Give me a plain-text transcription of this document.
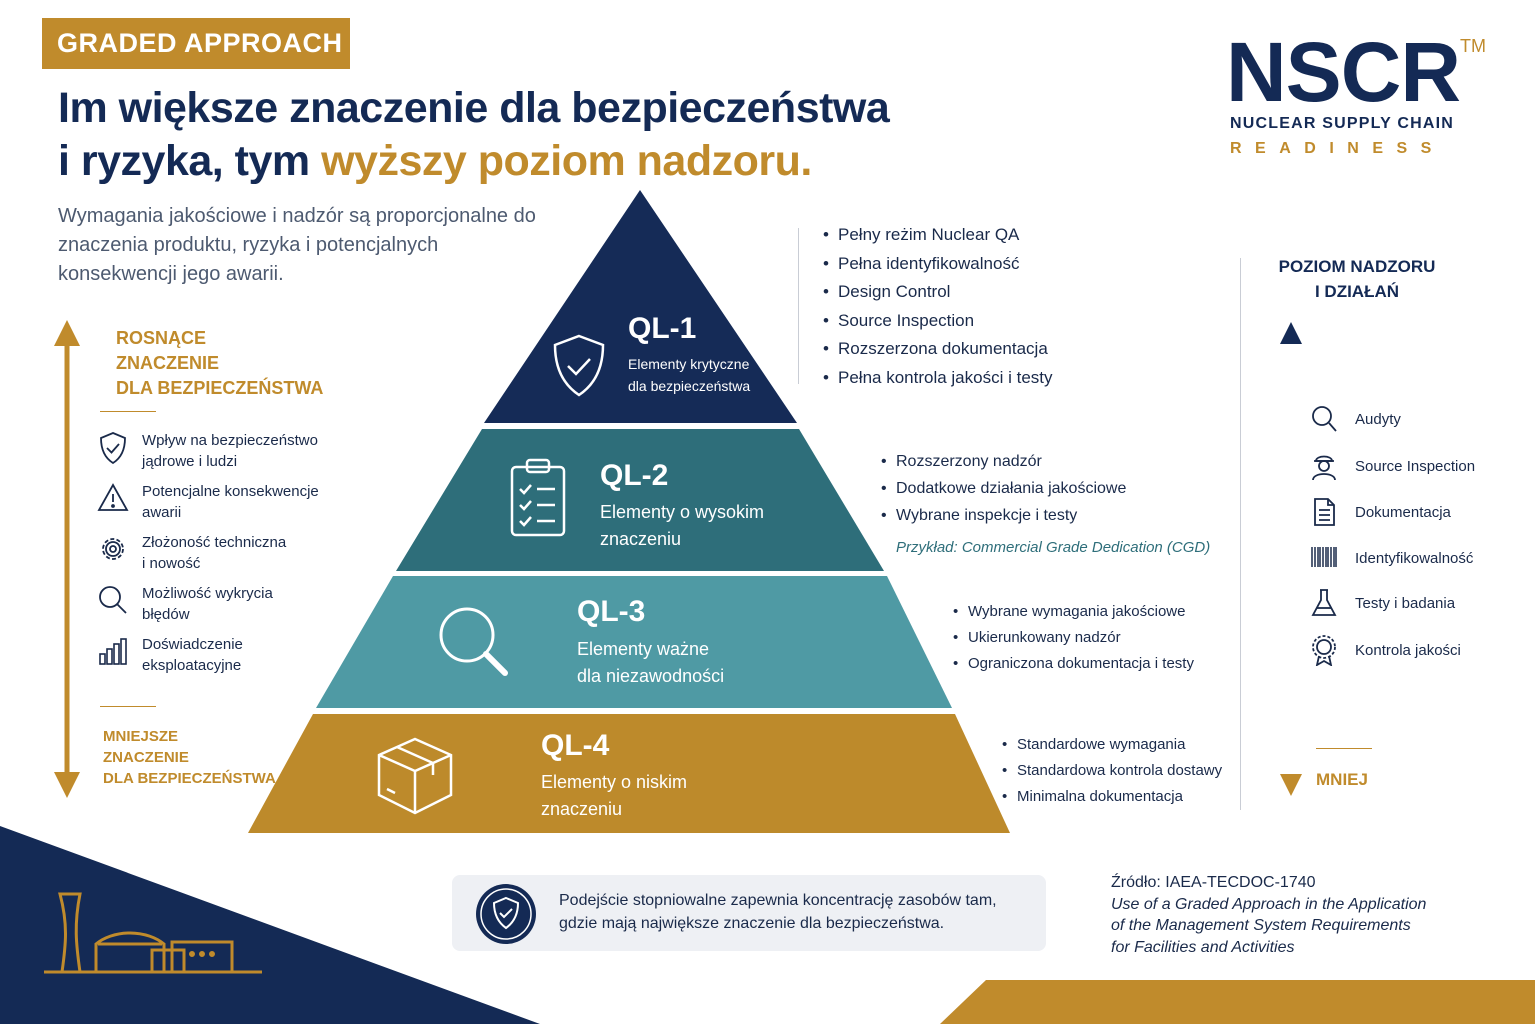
GRADED APPROACH
Im większe znaczenie dla bezpieczeństwa
i ryzyka, tym wyższy poziom nadzoru.
Wymagania jakościowe i nadzór są proporcjonalne do znaczenia produktu, ryzyka i potencjalnych konsekwencji jego awarii.
NSCR TM
NUCLEAR SUPPLY CHAIN
READINESS
ROSNĄCE
ZNACZENIE
DLA BEZPIECZEŃSTWA
Wpływ na bezpieczeństwo
jądrowe i ludzi
Potencjalne konsekwencje
awarii
Złożoność techniczna
i nowość
Możliwość wykrycia
błędów
Doświadczenie
eksploatacyjne
MNIEJSZE
ZNACZENIE
DLA BEZPIECZEŃSTWA
QL-1
Elementy krytyczne
dla bezpieczeństwa
QL-2
Elementy o wysokim
znaczeniu
QL-3
Elementy ważne
dla niezawodności
QL-4
Elementy o niskim
znaczeniu
• Pełny reżim Nuclear QA
• Pełna identyfikowalność
• Design Control
• Source Inspection
• Rozszerzona dokumentacja
• Pełna kontrola jakości i testy
• Rozszerzony nadzór
• Dodatkowe działania jakościowe
• Wybrane inspekcje i testy
Przykład: Commercial Grade Dedication (CGD)
• Wybrane wymagania jakościowe
• Ukierunkowany nadzór
• Ograniczona dokumentacja i testy
• Standardowe wymagania
• Standardowa kontrola dostawy
• Minimalna dokumentacja
POZIOM NADZORU
I DZIAŁAŃ
Audyty
Source Inspection
Dokumentacja
Identyfikowalność
Testy i badania
Kontrola jakości
MNIEJ
Podejście stopniowalne zapewnia koncentrację zasobów tam, gdzie mają największe znaczenie dla bezpieczeństwa.
Źródło: IAEA-TECDOC-1740
Use of a Graded Approach in the Application
of the Management System Requirements
for Facilities and Activities
